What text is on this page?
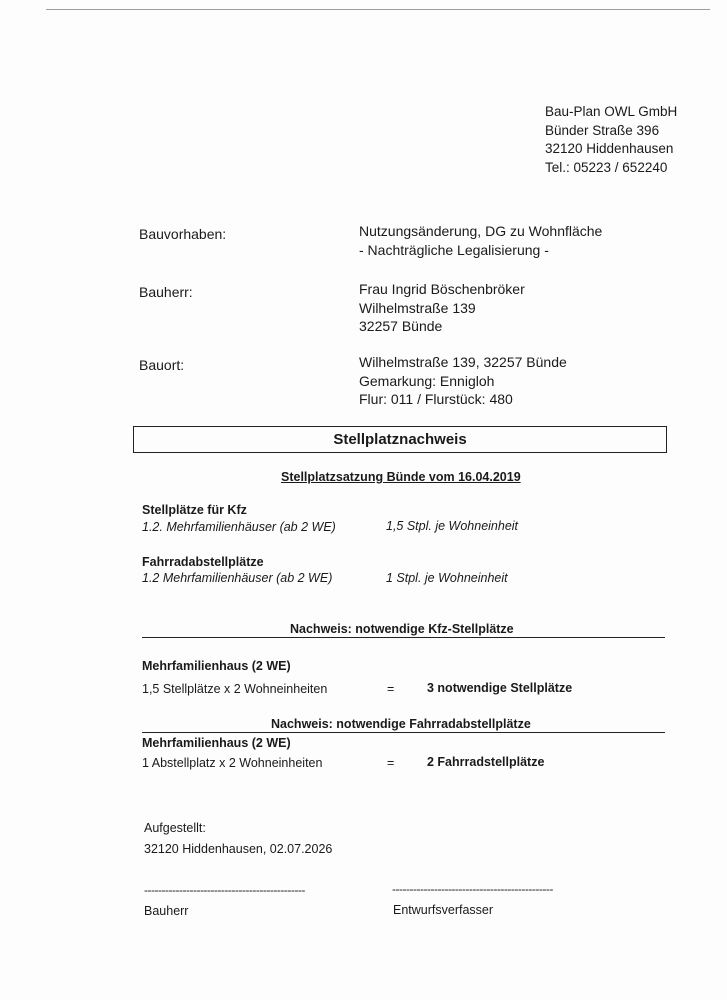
Bau-Plan OWL GmbH
Bünder Straße 396
32120 Hiddenhausen
Tel.: 05223 / 652240
Bauvorhaben:	Nutzungsänderung, DG zu Wohnfläche
- Nachträgliche Legalisierung -
Bauherr:	Frau Ingrid Böschenbröker
Wilhelmstraße 139
32257 Bünde
Bauort:	Wilhelmstraße 139, 32257 Bünde
Gemarkung: Ennigloh
Flur: 011 / Flurstück: 480
Stellplatznachweis
Stellplatzsatzung Bünde vom 16.04.2019
Stellplätze für Kfz
1.2. Mehrfamilienhäuser (ab 2 WE)	1,5 Stpl. je Wohneinheit
Fahrradabstellplätze
1.2 Mehrfamilienhäuser (ab 2 WE)	1 Stpl. je Wohneinheit
Nachweis: notwendige Kfz-Stellplätze
Mehrfamilienhaus (2 WE)
1,5 Stellplätze x 2 Wohneinheiten	=	3 notwendige Stellplätze
Nachweis: notwendige Fahrradabstellplätze
Mehrfamilienhaus (2 WE)
1 Abstellplatz x 2 Wohneinheiten	=	2 Fahrradstellplätze
Aufgestellt:
32120 Hiddenhausen, 02.07.2026
----------------------------------------------	----------------------------------------------
Bauherr	Entwurfsverfasser
